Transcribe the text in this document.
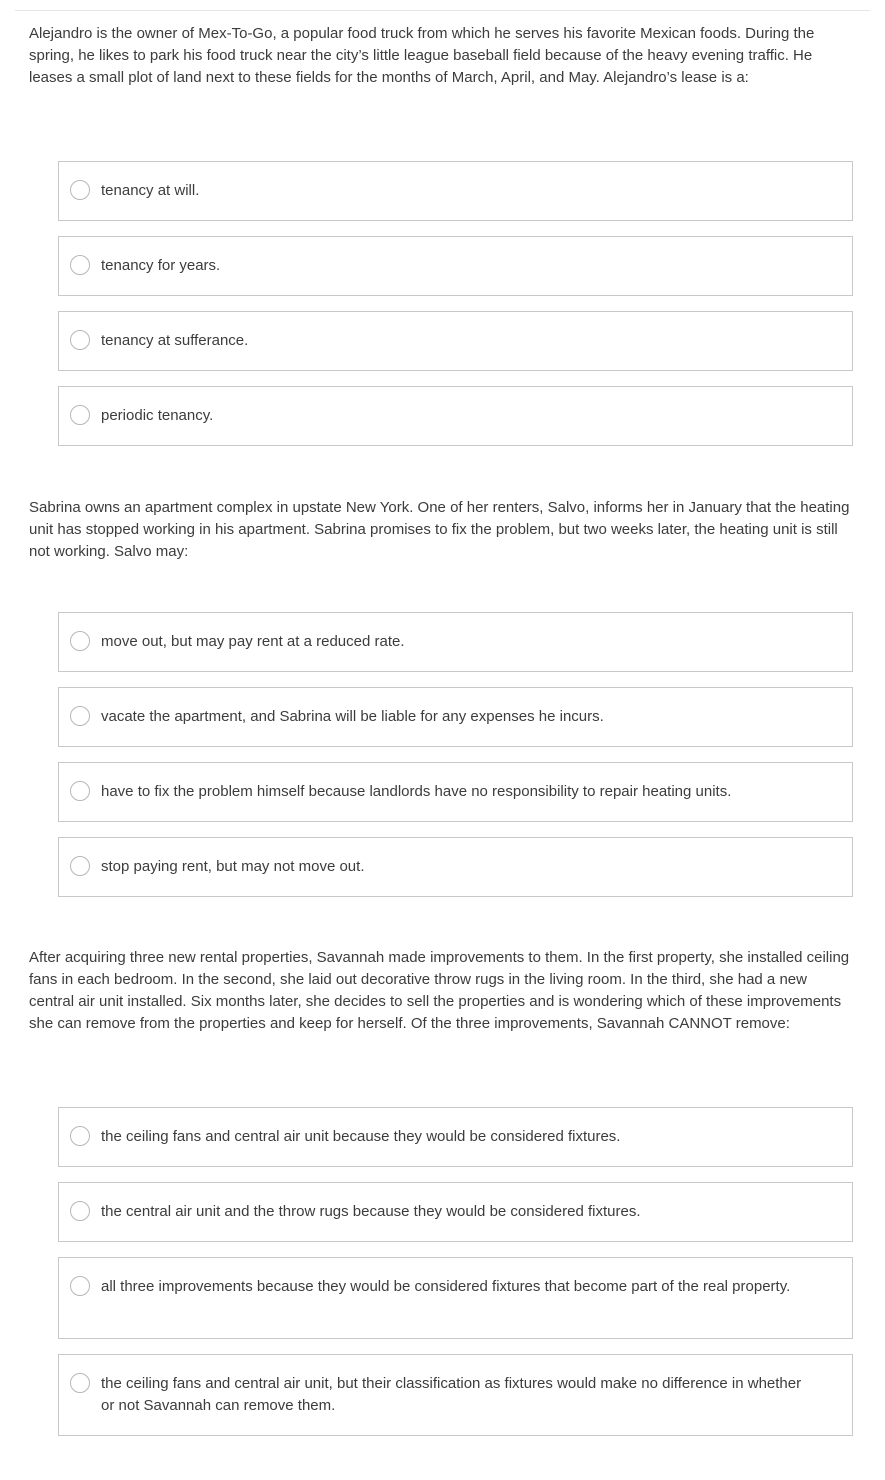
Alejandro is the owner of Mex-To-Go, a popular food truck from which he serves his favorite Mexican foods. During the spring, he likes to park his food truck near the city’s little league baseball field because of the heavy evening traffic. He leases a small plot of land next to these fields for the months of March, April, and May. Alejandro’s lease is a:

tenancy at will.
tenancy for years.
tenancy at sufferance.
periodic tenancy.

Sabrina owns an apartment complex in upstate New York. One of her renters, Salvo, informs her in January that the heating unit has stopped working in his apartment. Sabrina promises to fix the problem, but two weeks later, the heating unit is still not working. Salvo may:

move out, but may pay rent at a reduced rate.
vacate the apartment, and Sabrina will be liable for any expenses he incurs.
have to fix the problem himself because landlords have no responsibility to repair heating units.
stop paying rent, but may not move out.

After acquiring three new rental properties, Savannah made improvements to them. In the first property, she installed ceiling fans in each bedroom. In the second, she laid out decorative throw rugs in the living room. In the third, she had a new central air unit installed. Six months later, she decides to sell the properties and is wondering which of these improvements she can remove from the properties and keep for herself. Of the three improvements, Savannah CANNOT remove:

the ceiling fans and central air unit because they would be considered fixtures.
the central air unit and the throw rugs because they would be considered fixtures.
all three improvements because they would be considered fixtures that become part of the real property.
the ceiling fans and central air unit, but their classification as fixtures would make no difference in whether or not Savannah can remove them.
